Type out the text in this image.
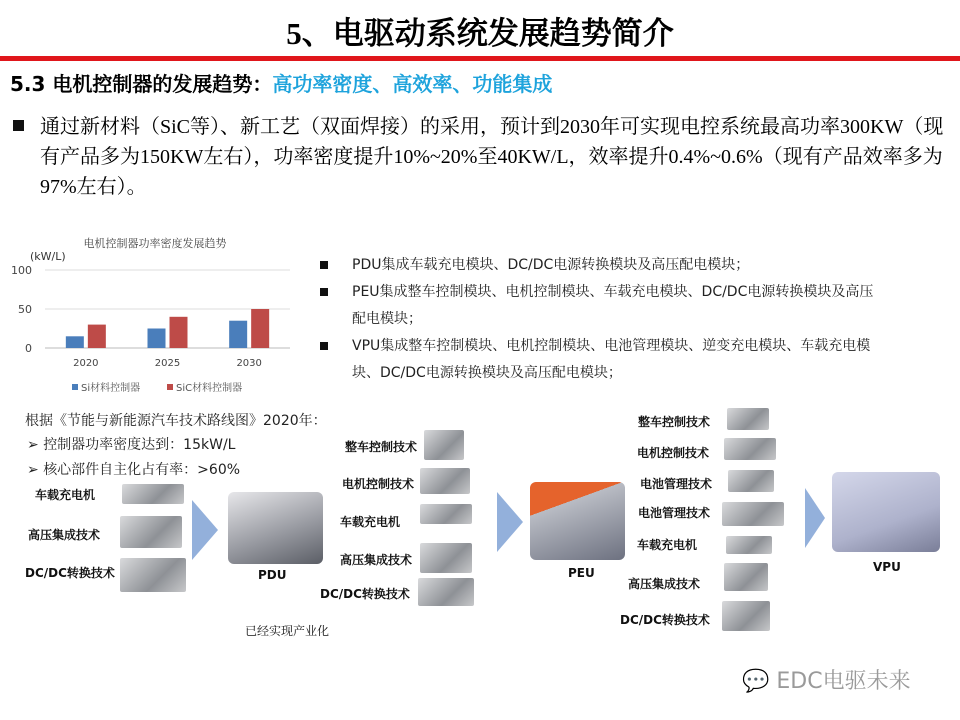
5、电驱动系统发展趋势简介
5.3 电机控制器的发展趋势：高功率密度、高效率、功能集成
通过新材料（SiC等）、新工艺（双面焊接）的采用，预计到2030年可实现电控系统最高功率300KW（现有产品多为150KW左右），功率密度提升10%~20%至40KW/L，效率提升0.4%~0.6%（现有产品效率多为97%左右）。
电机控制器功率密度发展趋势
(kW/L)
100
50
0
2020	2025	2030
Si材料控制器	SiC材料控制器
PDU集成车载充电模块、DC/DC电源转换模块及高压配电模块；
PEU集成整车控制模块、电机控制模块、车载充电模块、DC/DC电源转换模块及高压
配电模块；
VPU集成整车控制模块、电机控制模块、电池管理模块、逆变充电模块、车载充电模
块、DC/DC电源转换模块及高压配电模块；
根据《节能与新能源汽车技术路线图》2020年：
➢ 控制器功率密度达到：15kW/L
➢ 核心部件自主化占有率：>60%
车载充电机
高压集成技术
DC/DC转换技术
整车控制技术
电机控制技术
车载充电机
高压集成技术
DC/DC转换技术
整车控制技术
电机控制技术
电池管理技术
电池管理技术
车载充电机
高压集成技术
DC/DC转换技术
PDU
已经实现产业化
PEU	VPU
💬 EDC电驱未来
